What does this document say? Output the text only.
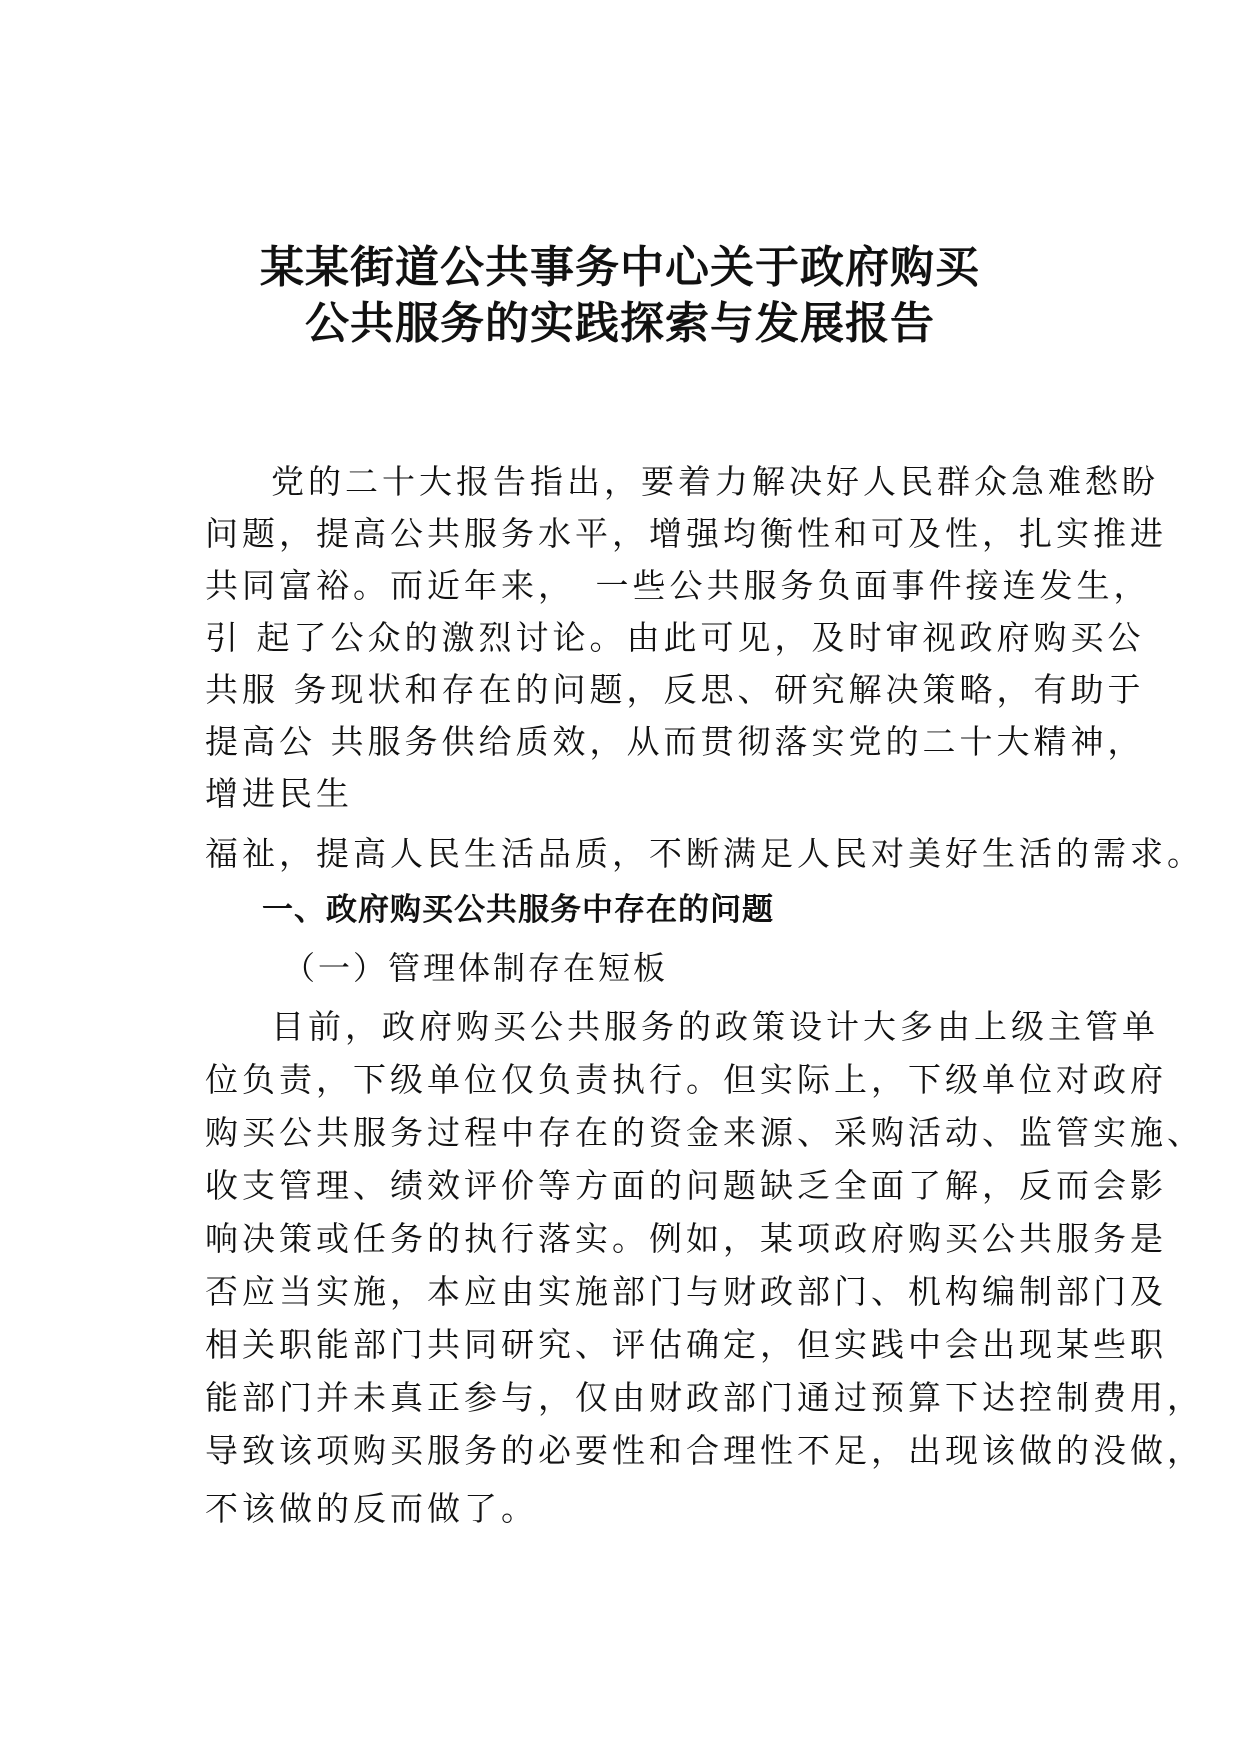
某某街道公共事务中心关于政府购买
公共服务的实践探索与发展报告
党的二十大报告指出，要着力解决好人民群众急难愁盼
问题，提高公共服务水平，增强均衡性和可及性，扎实推进
共同富裕。而近年来，　一些公共服务负面事件接连发生，
引 起了公众的激烈讨论。由此可见，及时审视政府购买公
共服 务现状和存在的问题，反思、研究解决策略，有助于
提高公 共服务供给质效，从而贯彻落实党的二十大精神，
增进民生
福祉，提高人民生活品质，不断满足人民对美好生活的需求。
一、政府购买公共服务中存在的问题
（一）管理体制存在短板
目前，政府购买公共服务的政策设计大多由上级主管单
位负责，下级单位仅负责执行。但实际上，下级单位对政府
购买公共服务过程中存在的资金来源、采购活动、监管实施、
收支管理、绩效评价等方面的问题缺乏全面了解，反而会影
响决策或任务的执行落实。例如，某项政府购买公共服务是
否应当实施，本应由实施部门与财政部门、机构编制部门及
相关职能部门共同研究、评估确定，但实践中会出现某些职
能部门并未真正参与，仅由财政部门通过预算下达控制费用，
导致该项购买服务的必要性和合理性不足，出现该做的没做，
不该做的反而做了。
